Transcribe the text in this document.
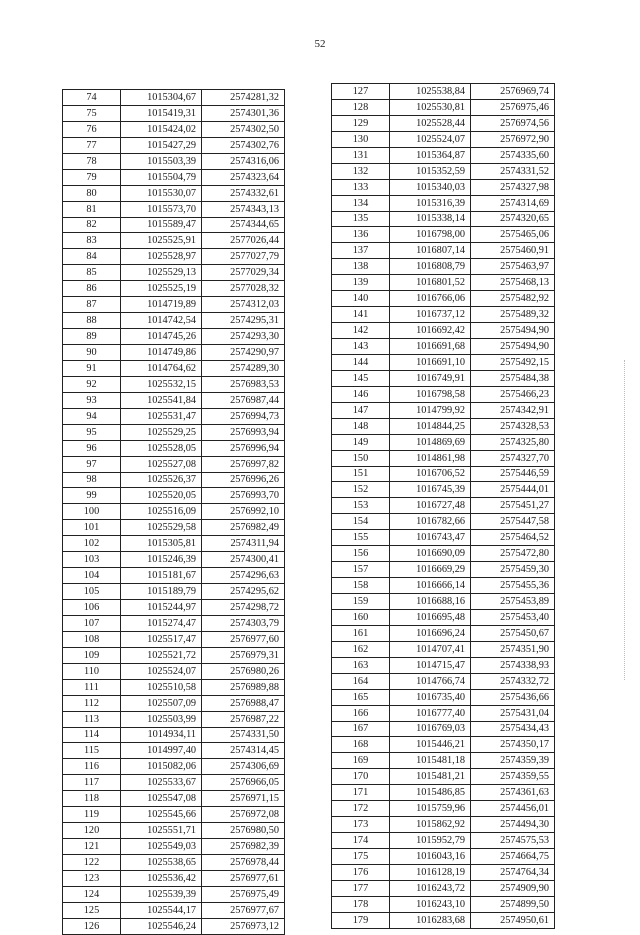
52
74	1015304,67	2574281,32
75	1015419,31	2574301,36
76	1015424,02	2574302,50
77	1015427,29	2574302,76
78	1015503,39	2574316,06
79	1015504,79	2574323,64
80	1015530,07	2574332,61
81	1015573,70	2574343,13
82	1015589,47	2574344,65
83	1025525,91	2577026,44
84	1025528,97	2577027,79
85	1025529,13	2577029,34
86	1025525,19	2577028,32
87	1014719,89	2574312,03
88	1014742,54	2574295,31
89	1014745,26	2574293,30
90	1014749,86	2574290,97
91	1014764,62	2574289,30
92	1025532,15	2576983,53
93	1025541,84	2576987,44
94	1025531,47	2576994,73
95	1025529,25	2576993,94
96	1025528,05	2576996,94
97	1025527,08	2576997,82
98	1025526,37	2576996,26
99	1025520,05	2576993,70
100	1025516,09	2576992,10
101	1025529,58	2576982,49
102	1015305,81	2574311,94
103	1015246,39	2574300,41
104	1015181,67	2574296,63
105	1015189,79	2574295,62
106	1015244,97	2574298,72
107	1015274,47	2574303,79
108	1025517,47	2576977,60
109	1025521,72	2576979,31
110	1025524,07	2576980,26
111	1025510,58	2576989,88
112	1025507,09	2576988,47
113	1025503,99	2576987,22
114	1014934,11	2574331,50
115	1014997,40	2574314,45
116	1015082,06	2574306,69
117	1025533,67	2576966,05
118	1025547,08	2576971,15
119	1025545,66	2576972,08
120	1025551,71	2576980,50
121	1025549,03	2576982,39
122	1025538,65	2576978,44
123	1025536,42	2576977,61
124	1025539,39	2576975,49
125	1025544,17	2576977,67
126	1025546,24	2576973,12
127	1025538,84	2576969,74
128	1025530,81	2576975,46
129	1025528,44	2576974,56
130	1025524,07	2576972,90
131	1015364,87	2574335,60
132	1015352,59	2574331,52
133	1015340,03	2574327,98
134	1015316,39	2574314,69
135	1015338,14	2574320,65
136	1016798,00	2575465,06
137	1016807,14	2575460,91
138	1016808,79	2575463,97
139	1016801,52	2575468,13
140	1016766,06	2575482,92
141	1016737,12	2575489,32
142	1016692,42	2575494,90
143	1016691,68	2575494,90
144	1016691,10	2575492,15
145	1016749,91	2575484,38
146	1016798,58	2575466,23
147	1014799,92	2574342,91
148	1014844,25	2574328,53
149	1014869,69	2574325,80
150	1014861,98	2574327,70
151	1016706,52	2575446,59
152	1016745,39	2575444,01
153	1016727,48	2575451,27
154	1016782,66	2575447,58
155	1016743,47	2575464,52
156	1016690,09	2575472,80
157	1016669,29	2575459,30
158	1016666,14	2575455,36
159	1016688,16	2575453,89
160	1016695,48	2575453,40
161	1016696,24	2575450,67
162	1014707,41	2574351,90
163	1014715,47	2574338,93
164	1014766,74	2574332,72
165	1016735,40	2575436,66
166	1016777,40	2575431,04
167	1016769,03	2575434,43
168	1015446,21	2574350,17
169	1015481,18	2574359,39
170	1015481,21	2574359,55
171	1015486,85	2574361,63
172	1015759,96	2574456,01
173	1015862,92	2574494,30
174	1015952,79	2574575,53
175	1016043,16	2574664,75
176	1016128,19	2574764,34
177	1016243,72	2574909,90
178	1016243,10	2574899,50
179	1016283,68	2574950,61
